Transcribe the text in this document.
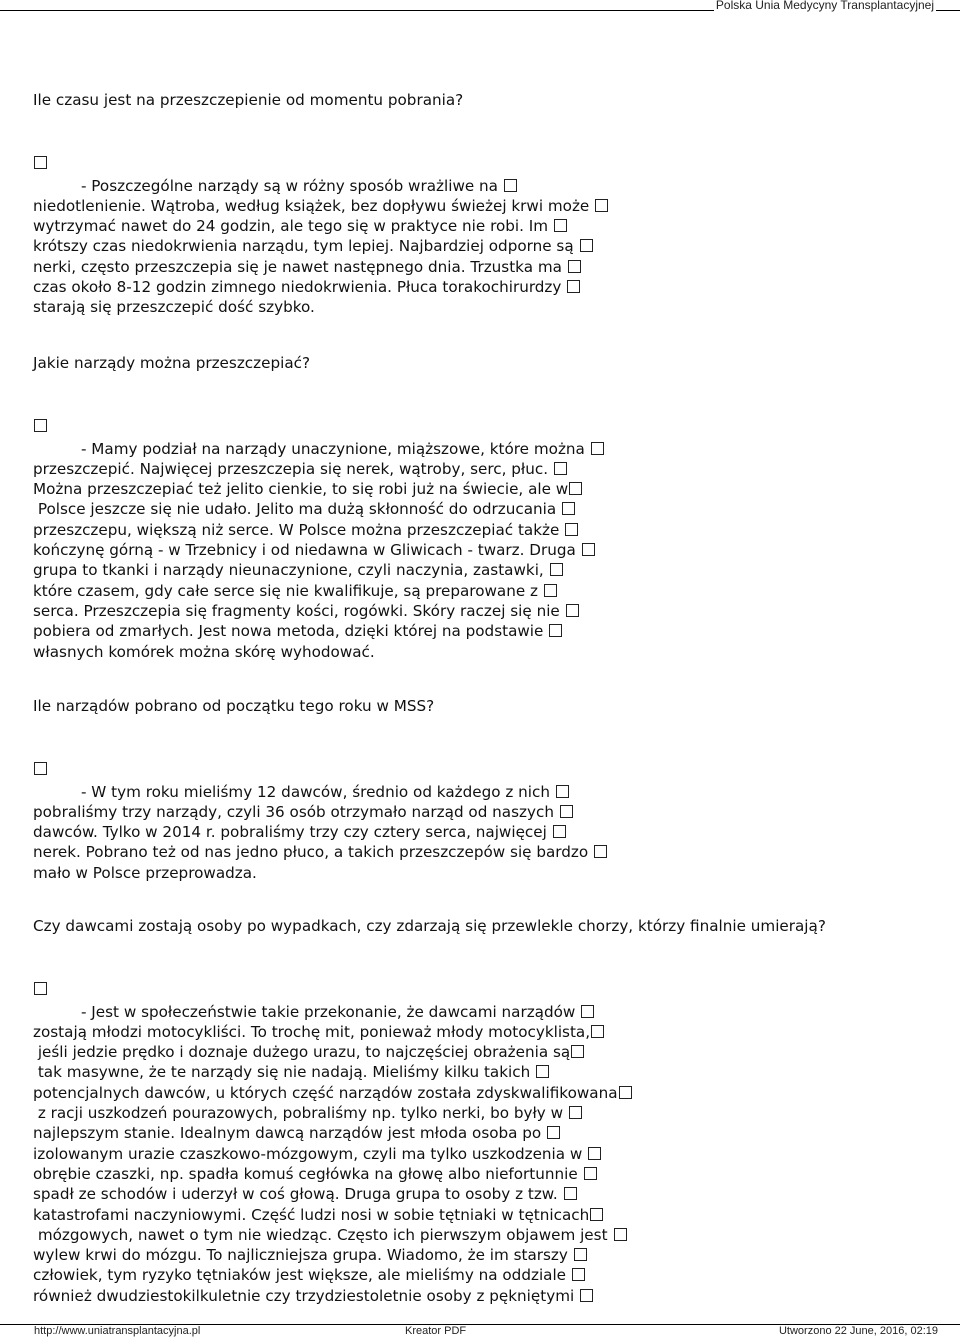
Polska Unia Medycyny Transplantacyjnej

Ile czasu jest na przeszczepienie od momentu pobrania?

- Poszczególne narządy są w różny sposób wrażliwe na

niedotlenienie. Wątroba, według książek, bez dopływu świeżej krwi może

wytrzymać nawet do 24 godzin, ale tego się w praktyce nie robi. Im

krótszy czas niedokrwienia narządu, tym lepiej. Najbardziej odporne są

nerki, często przeszczepia się je nawet następnego dnia. Trzustka ma

czas około 8-12 godzin zimnego niedokrwienia. Płuca torakochirurdzy

starają się przeszczepić dość szybko.

Jakie narządy można przeszczepiać?

- Mamy podział na narządy unaczynione, miąższowe, które można

przeszczepić. Najwięcej przeszczepia się nerek, wątroby, serc, płuc.

Można przeszczepiać też jelito cienkie, to się robi już na świecie, ale w

Polsce jeszcze się nie udało. Jelito ma dużą skłonność do odrzucania

przeszczepu, większą niż serce. W Polsce można przeszczepiać także

kończynę górną - w Trzebnicy i od niedawna w Gliwicach - twarz. Druga

grupa to tkanki i narządy nieunaczynione, czyli naczynia, zastawki,

które czasem, gdy całe serce się nie kwalifikuje, są preparowane z

serca. Przeszczepia się fragmenty kości, rogówki. Skóry raczej się nie

pobiera od zmarłych. Jest nowa metoda, dzięki której na podstawie

własnych komórek można skórę wyhodować.

Ile narządów pobrano od początku tego roku w MSS?

- W tym roku mieliśmy 12 dawców, średnio od każdego z nich

pobraliśmy trzy narządy, czyli 36 osób otrzymało narząd od naszych

dawców. Tylko w 2014 r. pobraliśmy trzy czy cztery serca, najwięcej

nerek. Pobrano też od nas jedno płuco, a takich przeszczepów się bardzo

mało w Polsce przeprowadza.

Czy dawcami zostają osoby po wypadkach, czy zdarzają się przewlekle chorzy, którzy finalnie umierają?

- Jest w społeczeństwie takie przekonanie, że dawcami narządów

zostają młodzi motocykliści. To trochę mit, ponieważ młody motocyklista,

jeśli jedzie prędko i doznaje dużego urazu, to najczęściej obrażenia są

tak masywne, że te narządy się nie nadają. Mieliśmy kilku takich

potencjalnych dawców, u których część narządów została zdyskwalifikowana

z racji uszkodzeń pourazowych, pobraliśmy np. tylko nerki, bo były w

najlepszym stanie. Idealnym dawcą narządów jest młoda osoba po

izolowanym urazie czaszkowo-mózgowym, czyli ma tylko uszkodzenia w

obrębie czaszki, np. spadła komuś cegłówka na głowę albo niefortunnie

spadł ze schodów i uderzył w coś głową. Druga grupa to osoby z tzw.

katastrofami naczyniowymi. Część ludzi nosi w sobie tętniaki w tętnicach

mózgowych, nawet o tym nie wiedząc. Często ich pierwszym objawem jest

wylew krwi do mózgu. To najliczniejsza grupa. Wiadomo, że im starszy

człowiek, tym ryzyko tętniaków jest większe, ale mieliśmy na oddziale

również dwudziestokilkuletnie czy trzydziestoletnie osoby z pękniętymi

http://www.uniatransplantacyjna.pl	Kreator PDF	Utworzono 22 June, 2016, 02:19
